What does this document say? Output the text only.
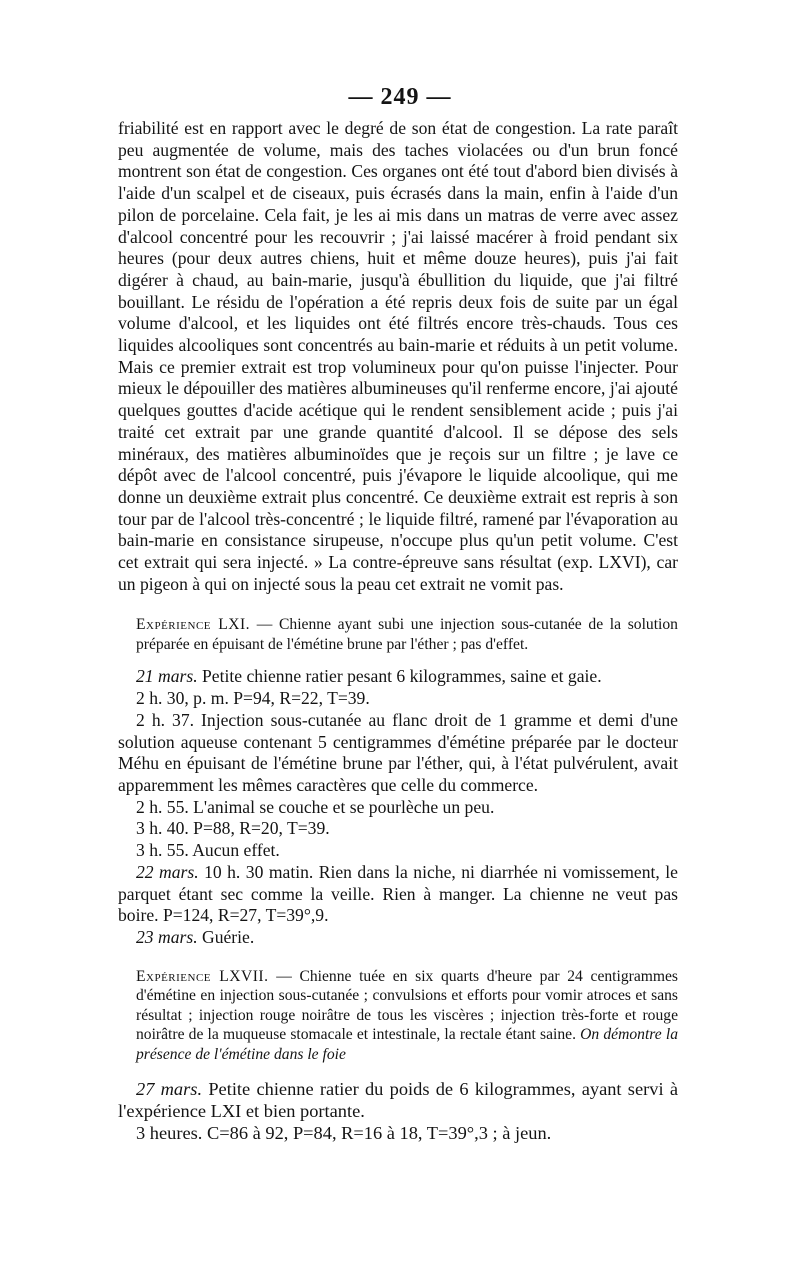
— 249 —

friabilité est en rapport avec le degré de son état de congestion. La rate paraît peu augmentée de volume, mais des taches violacées ou d'un brun foncé montrent son état de congestion. Ces organes ont été tout d'abord bien divisés à l'aide d'un scalpel et de ciseaux, puis écrasés dans la main, enfin à l'aide d'un pilon de porcelaine. Cela fait, je les ai mis dans un matras de verre avec assez d'alcool concentré pour les recouvrir ; j'ai laissé macérer à froid pendant six heures (pour deux autres chiens, huit et même douze heures), puis j'ai fait digérer à chaud, au bain-marie, jusqu'à ébullition du liquide, que j'ai filtré bouillant. Le résidu de l'opération a été repris deux fois de suite par un égal volume d'alcool, et les liquides ont été filtrés encore très-chauds. Tous ces liquides alcooliques sont concentrés au bain-marie et réduits à un petit volume. Mais ce premier extrait est trop volumineux pour qu'on puisse l'injecter. Pour mieux le dépouiller des matières albumineuses qu'il renferme encore, j'ai ajouté quelques gouttes d'acide acétique qui le rendent sensiblement acide ; puis j'ai traité cet extrait par une grande quantité d'alcool. Il se dépose des sels minéraux, des matières albuminoïdes que je reçois sur un filtre ; je lave ce dépôt avec de l'alcool concentré, puis j'évapore le liquide alcoolique, qui me donne un deuxième extrait plus concentré. Ce deuxième extrait est repris à son tour par de l'alcool très-concentré ; le liquide filtré, ramené par l'évaporation au bain-marie en consistance sirupeuse, n'occupe plus qu'un petit volume. C'est cet extrait qui sera injecté. » La contre-épreuve sans résultat (exp. LXVI), car un pigeon à qui on injecté sous la peau cet extrait ne vomit pas.

Expérience LXI. — Chienne ayant subi une injection sous-cutanée de la solution préparée en épuisant de l'émétine brune par l'éther ; pas d'effet.

21 mars. Petite chienne ratier pesant 6 kilogrammes, saine et gaie.

2 h. 30, p. m. P=94, R=22, T=39.

2 h. 37. Injection sous-cutanée au flanc droit de 1 gramme et demi d'une solution aqueuse contenant 5 centigrammes d'émétine préparée par le docteur Méhu en épuisant de l'émétine brune par l'éther, qui, à l'état pulvérulent, avait apparemment les mêmes caractères que celle du commerce.

2 h. 55. L'animal se couche et se pourlèche un peu.

3 h. 40. P=88, R=20, T=39.

3 h. 55. Aucun effet.

22 mars. 10 h. 30 matin. Rien dans la niche, ni diarrhée ni vomissement, le parquet étant sec comme la veille. Rien à manger. La chienne ne veut pas boire. P=124, R=27, T=39°,9.

23 mars. Guérie.

Expérience LXVII. — Chienne tuée en six quarts d'heure par 24 centigrammes d'émétine en injection sous-cutanée ; convulsions et efforts pour vomir atroces et sans résultat ; injection rouge noirâtre de tous les viscères ; injection très-forte et rouge noirâtre de la muqueuse stomacale et intestinale, la rectale étant saine. On démontre la présence de l'émétine dans le foie

27 mars. Petite chienne ratier du poids de 6 kilogrammes, ayant servi à l'expérience LXI et bien portante.

3 heures. C=86 à 92, P=84, R=16 à 18, T=39°,3 ; à jeun.
